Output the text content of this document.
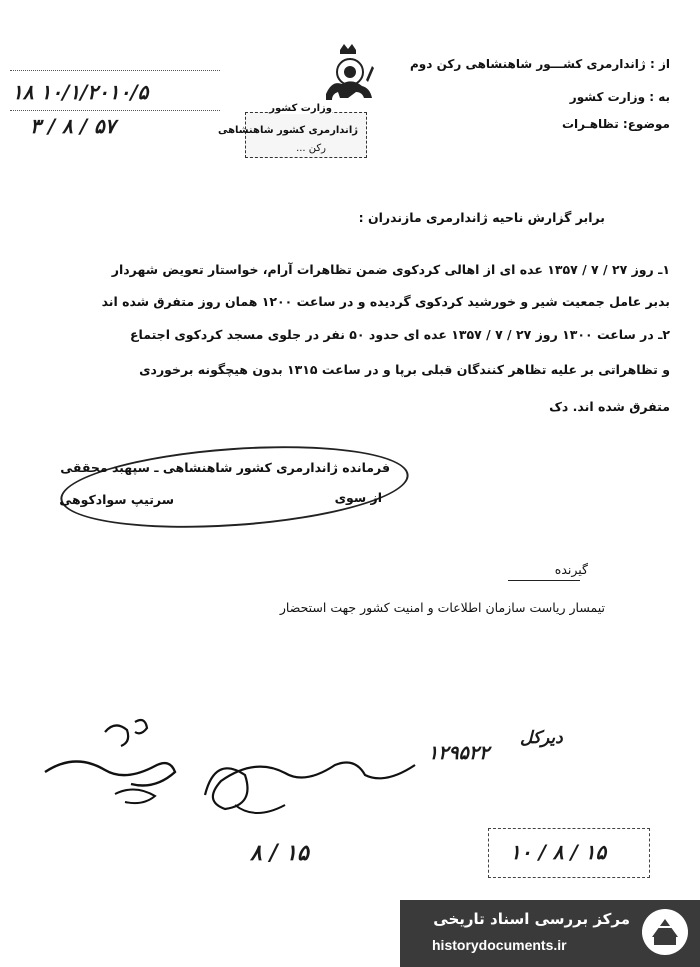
از : ژاندارمری کشـــور شاهنشاهی رکن دوم
به : وزارت کشور
موضوع: تظاهـرات
۱۰/۱/۲۰۱۰/۵ ۱۸
۵۷ / ۸ / ۳
وزارت کشور
ژاندارمری کشور شاهنشاهی
رکن ...
برابر گزارش ناحیه ژاندارمری مازندران :
۱ـ روز ۲۷ / ۷ / ۱۳۵۷ عده ای از اهالی کردکوی ضمن تظاهرات آرام، خواستار تعویض شهردار
بدبر عامل جمعیت شیر و خورشید کردکوی گردیده و در ساعت ۱۲۰۰ همان روز متفرق شده اند
۲ـ در ساعت ۱۳۰۰ روز ۲۷ / ۷ / ۱۳۵۷ عده ای حدود ۵۰ نفر در جلوی مسجد کردکوی اجتماع
و تظاهراتی بر علیه تظاهر کنندگان قبلی برپا و در ساعت ۱۳۱۵ بدون هیچگونه برخوردی
متفرق شده اند. دک
فرمانده ژاندارمری کشور شاهنشاهی ـ سپهبد محققی
از سوی
سرتیپ سوادکوهی
گیرنده
تیمسار ریاست سازمان اطلاعات و امنیت کشور جهت استحضار
۱۲۹۵۲۲
دیرکل
۱۵ / ۸	۱۵ / ۸ / ۱۰
مرکز بررسی اسناد تاریخی
historydocuments.ir
